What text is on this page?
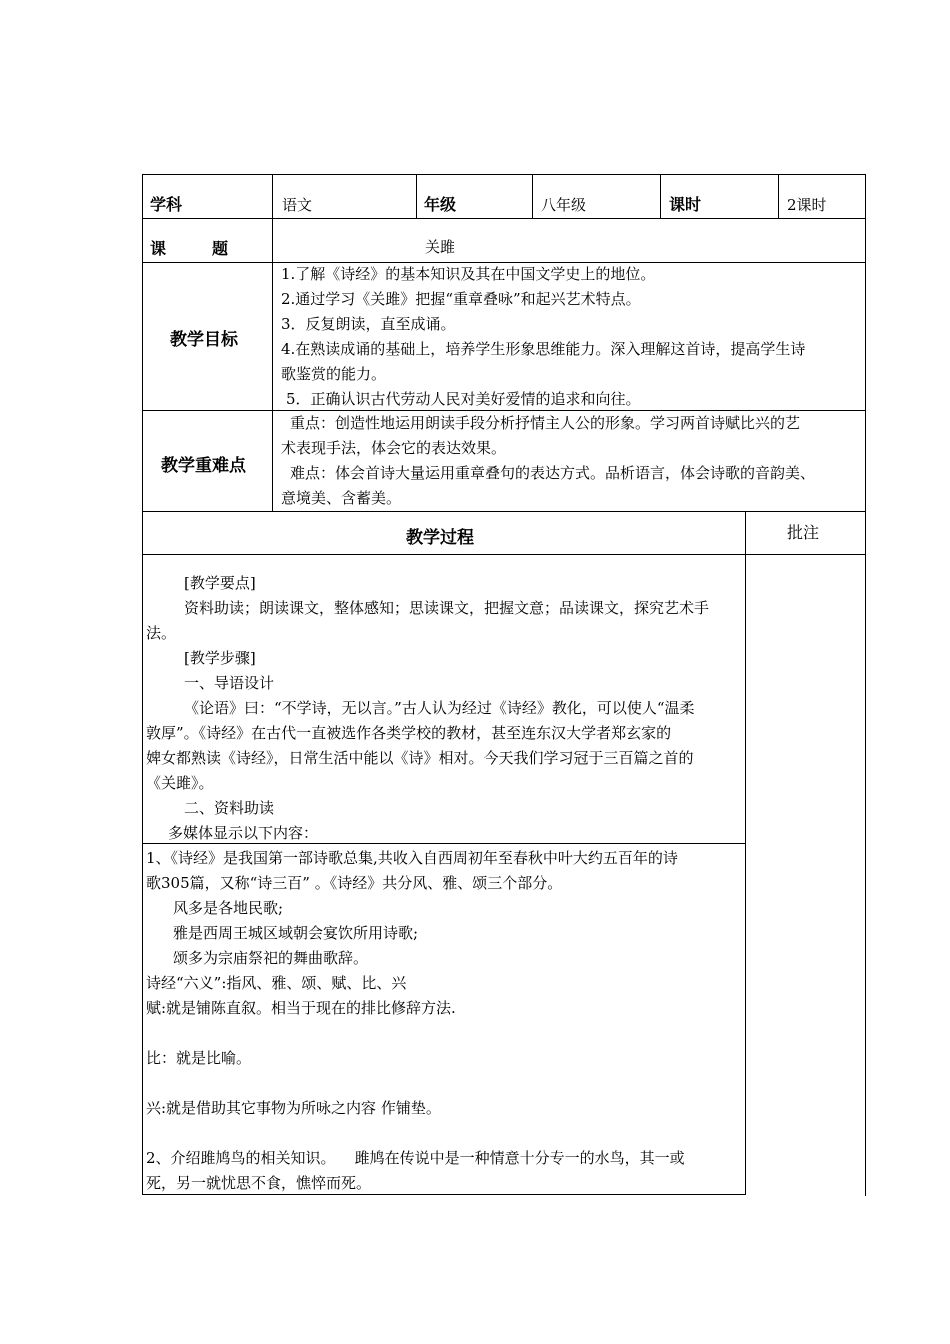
学科	语文	年级	八年级	课时	2课时
课	题	关雎
教学目标
1.了解《诗经》的基本知识及其在中国文学史上的地位。
2.通过学习《关雎》把握“重章叠咏”和起兴艺术特点。
3．反复朗读，直至成诵。
4.在熟读成诵的基础上，培养学生形象思维能力。深入理解这首诗，提高学生诗
歌鉴赏的能力。
5．正确认识古代劳动人民对美好爱情的追求和向往。
教学重难点
重点：创造性地运用朗读手段分析抒情主人公的形象。学习两首诗赋比兴的艺
术表现手法，体会它的表达效果。
难点：体会首诗大量运用重章叠句的表达方式。品析语言，体会诗歌的音韵美、
意境美、含蓄美。
教学过程	批注
[教学要点]
资料助读；朗读课文，整体感知；思读课文，把握文意；品读课文，探究艺术手
法。
[教学步骤]
一、导语设计
《论语》曰：“不学诗，无以言。”古人认为经过《诗经》教化，可以使人“温柔
敦厚”。《诗经》在古代一直被选作各类学校的教材，甚至连东汉大学者郑玄家的
婢女都熟读《诗经》，日常生活中能以《诗》相对。今天我们学习冠于三百篇之首的
《关雎》。
二、资料助读
多媒体显示以下内容：
1、《诗经》是我国第一部诗歌总集,共收入自西周初年至春秋中叶大约五百年的诗
歌305篇，又称“诗三百” 。《诗经》共分风、雅、颂三个部分。
风多是各地民歌;
雅是西周王城区域朝会宴饮所用诗歌;
颂多为宗庙祭祀的舞曲歌辞。
诗经“六义”:指风、雅、颂、赋、比、兴
赋:就是铺陈直叙。相当于现在的排比修辞方法.
比：就是比喻。
兴:就是借助其它事物为所咏之内容 作铺垫。
2、介绍雎鸠鸟的相关知识。    雎鸠在传说中是一种情意十分专一的水鸟，其一或
死，另一就忧思不食，憔悴而死。
